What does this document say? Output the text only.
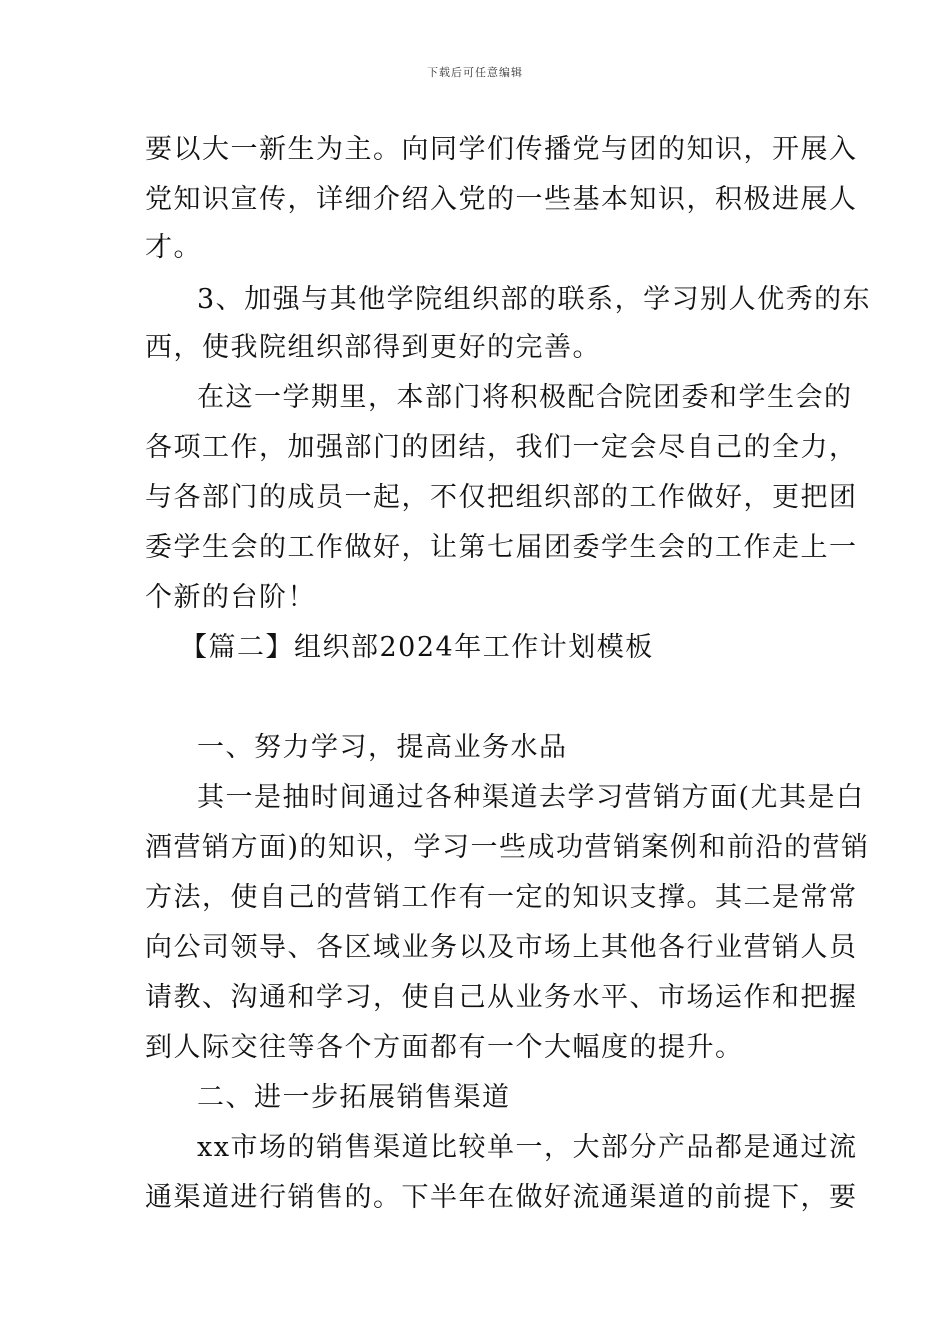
下载后可任意编辑

要以大一新生为主。向同学们传播党与团的知识，开展入

党知识宣传，详细介绍入党的一些基本知识，积极进展人

才。

3、加强与其他学院组织部的联系，学习别人优秀的东

西，使我院组织部得到更好的完善。

在这一学期里，本部门将积极配合院团委和学生会的

各项工作，加强部门的团结，我们一定会尽自己的全力，

与各部门的成员一起，不仅把组织部的工作做好，更把团

委学生会的工作做好，让第七届团委学生会的工作走上一

个新的台阶！

【篇二】组织部2024年工作计划模板

一、努力学习，提高业务水品

其一是抽时间通过各种渠道去学习营销方面(尤其是白

酒营销方面)的知识，学习一些成功营销案例和前沿的营销

方法，使自己的营销工作有一定的知识支撑。其二是常常

向公司领导、各区域业务以及市场上其他各行业营销人员

请教、沟通和学习，使自己从业务水平、市场运作和把握

到人际交往等各个方面都有一个大幅度的提升。

二、进一步拓展销售渠道

xx市场的销售渠道比较单一，大部分产品都是通过流

通渠道进行销售的。下半年在做好流通渠道的前提下，要
